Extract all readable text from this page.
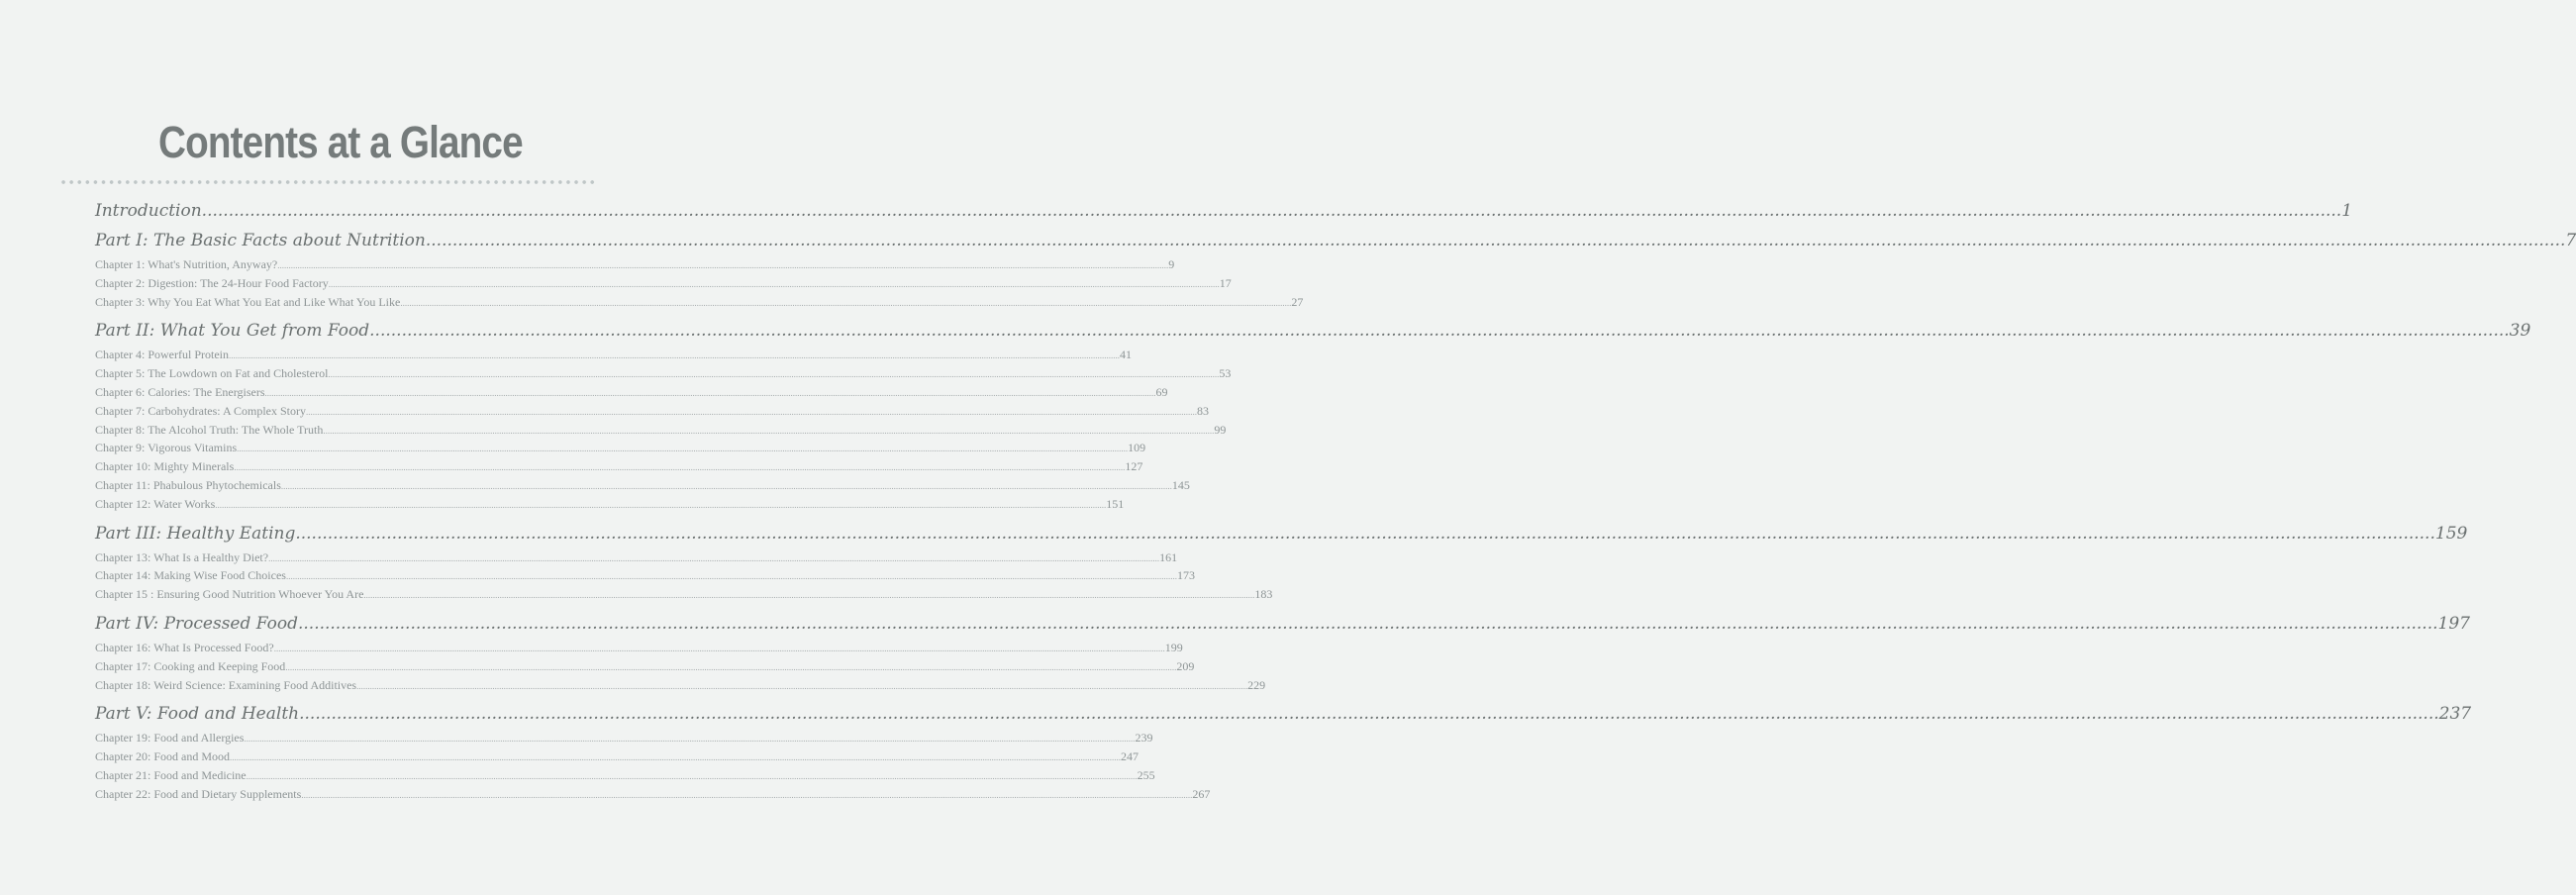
Contents at a Glance
Introduction ................................................................................................................................................................................................................................................................................................................................................................................................................ 1
Part I: The Basic Facts about Nutrition ................................................................................................................................................................................................................................................................................................................................................................................................................ 7
Chapter 1: What's Nutrition, Anyway? ................................................................................................................................................................................................................................................................................................................................................................................................................ 9
Chapter 2: Digestion: The 24-Hour Food Factory ................................................................................................................................................................................................................................................................................................................................................................................................................ 17
Chapter 3: Why You Eat What You Eat and Like What You Like ................................................................................................................................................................................................................................................................................................................................................................................................................ 27
Part II: What You Get from Food ................................................................................................................................................................................................................................................................................................................................................................................................................ 39
Chapter 4: Powerful Protein ................................................................................................................................................................................................................................................................................................................................................................................................................ 41
Chapter 5: The Lowdown on Fat and Cholesterol ................................................................................................................................................................................................................................................................................................................................................................................................................ 53
Chapter 6: Calories: The Energisers ................................................................................................................................................................................................................................................................................................................................................................................................................ 69
Chapter 7: Carbohydrates: A Complex Story ................................................................................................................................................................................................................................................................................................................................................................................................................ 83
Chapter 8: The Alcohol Truth: The Whole Truth ................................................................................................................................................................................................................................................................................................................................................................................................................ 99
Chapter 9: Vigorous Vitamins ................................................................................................................................................................................................................................................................................................................................................................................................................ 109
Chapter 10: Mighty Minerals ................................................................................................................................................................................................................................................................................................................................................................................................................ 127
Chapter 11: Phabulous Phytochemicals ................................................................................................................................................................................................................................................................................................................................................................................................................ 145
Chapter 12: Water Works ................................................................................................................................................................................................................................................................................................................................................................................................................ 151
Part III: Healthy Eating ................................................................................................................................................................................................................................................................................................................................................................................................................ 159
Chapter 13: What Is a Healthy Diet? ................................................................................................................................................................................................................................................................................................................................................................................................................ 161
Chapter 14: Making Wise Food Choices ................................................................................................................................................................................................................................................................................................................................................................................................................ 173
Chapter 15 : Ensuring Good Nutrition Whoever You Are ................................................................................................................................................................................................................................................................................................................................................................................................................ 183
Part IV: Processed Food ................................................................................................................................................................................................................................................................................................................................................................................................................ 197
Chapter 16: What Is Processed Food? ................................................................................................................................................................................................................................................................................................................................................................................................................ 199
Chapter 17: Cooking and Keeping Food ................................................................................................................................................................................................................................................................................................................................................................................................................ 209
Chapter 18: Weird Science: Examining Food Additives ................................................................................................................................................................................................................................................................................................................................................................................................................ 229
Part V: Food and Health ................................................................................................................................................................................................................................................................................................................................................................................................................ 237
Chapter 19: Food and Allergies ................................................................................................................................................................................................................................................................................................................................................................................................................ 239
Chapter 20: Food and Mood ................................................................................................................................................................................................................................................................................................................................................................................................................ 247
Chapter 21: Food and Medicine ................................................................................................................................................................................................................................................................................................................................................................................................................ 255
Chapter 22: Food and Dietary Supplements ................................................................................................................................................................................................................................................................................................................................................................................................................ 267
